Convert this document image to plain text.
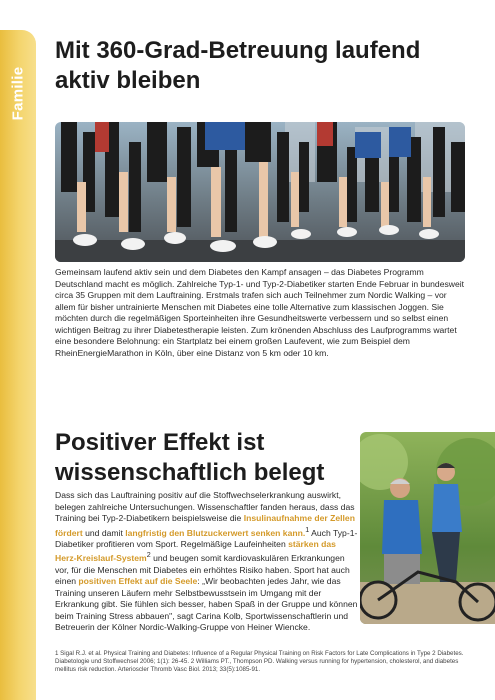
Familie
Mit 360-Grad-Betreuung laufend aktiv bleiben

Gemeinsam laufend aktiv sein und dem Diabetes den Kampf ansagen – das Diabetes Programm Deutschland macht es möglich. Zahlreiche Typ-1- und Typ-2-Diabetiker starten Ende Februar in bundesweit circa 35 Gruppen mit dem Lauftraining. Erstmals trafen sich auch Teilnehmer zum Nordic Walking – vor allem für bisher untrainierte Menschen mit Diabetes eine tolle Alternative zum klassischen Joggen. Sie möchten durch die regelmäßigen Sporteinheiten ihre Gesundheitswerte verbessern und so selbst einen wichtigen Beitrag zu ihrer Diabetestherapie leisten. Zum krönenden Abschluss des Laufprogramms wartet eine besondere Belohnung: ein Startplatz bei einem großen Laufevent, wie zum Beispiel dem RheinEnergieMarathon in Köln, über eine Distanz von 5 km oder 10 km.

Positiver Effekt ist wissenschaftlich belegt
Dass sich das Lauftraining positiv auf die Stoffwechselerkrankung auswirkt, belegen zahlreiche Untersuchungen. Wissenschaftler fanden heraus, dass das Training bei Typ-2-Diabetikern beispielsweise die Insulinaufnahme der Zellen fördert und damit langfristig den Blutzuckerwert senken kann.$^1$ Auch Typ-1-Diabetiker profitieren vom Sport. Regelmäßige Laufeinheiten stärken das Herz-Kreislauf-System$^2$ und beugen somit kardiovaskulären Erkrankungen vor, für die Menschen mit Diabetes ein erhöhtes Risiko haben. Sport hat auch einen positiven Effekt auf die Seele: „Wir beobachten jedes Jahr, wie das Training unseren Läufern mehr Selbstbewusstsein im Umgang mit der Erkrankung gibt. Sie fühlen sich besser, haben Spaß in der Gruppe und können beim Training Stress abbauen", sagt Carina Kolb, Sportwissenschaftlerin und Betreuerin der Kölner Nordic-Walking-Gruppe von Heiner Wiencke.
1 Sigal R.J. et al. Physical Training and Diabetes: Influence of a Regular Physical Training on Risk Factors for Late Complications in Type 2 Diabetes. Diabetologie und Stoffwechsel 2006; 1(1): 26-45. 2 Williams PT., Thompson PD. Walking versus running for hypertension, cholesterol, and diabetes mellitus risk reduction. Arterioscler Thromb Vasc Biol. 2013; 33(5):1085-91.
